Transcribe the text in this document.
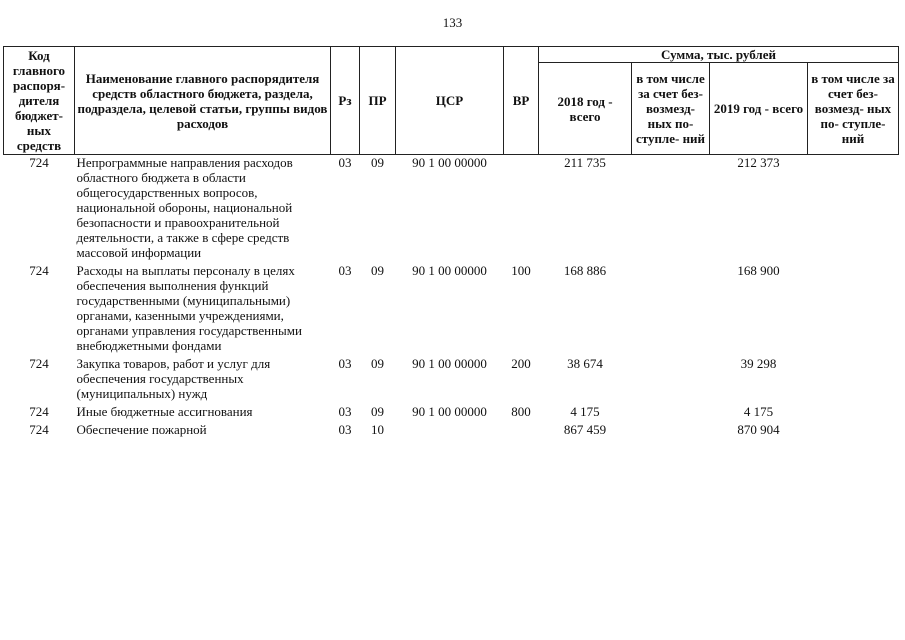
133
Код главного распоря- дителя бюджет- ных средств	Наименование главного распорядителя средств областного бюджета, раздела, подраздела, целевой статьи, группы видов расходов	Рз	ПР	ЦСР	ВР	Сумма, тыс. рублей			
						2018 год - всего	в том числе за счет без- возмезд- ных по- ступле- ний	2019 год - всего	в том числе за счет без- возмезд- ных по- ступле- ний
724	Непрограммные направления расходов областного бюджета в области общегосударственных вопросов, национальной обороны, национальной безопасности и правоохранительной деятельности, а также в сфере средств массовой информации	03	09	90 1 00 00000		211 735		212 373	
724	Расходы на выплаты персоналу в целях обеспечения выполнения функций государственными (муниципальными) органами, казенными учреждениями, органами управления государственными внебюджетными фондами	03	09	90 1 00 00000	100	168 886		168 900	
724	Закупка товаров, работ и услуг для обеспечения государственных (муниципальных) нужд	03	09	90 1 00 00000	200	38 674		39 298	
724	Иные бюджетные ассигнования	03	09	90 1 00 00000	800	4 175		4 175	
724	Обеспечение пожарной	03	10			867 459		870 904	
